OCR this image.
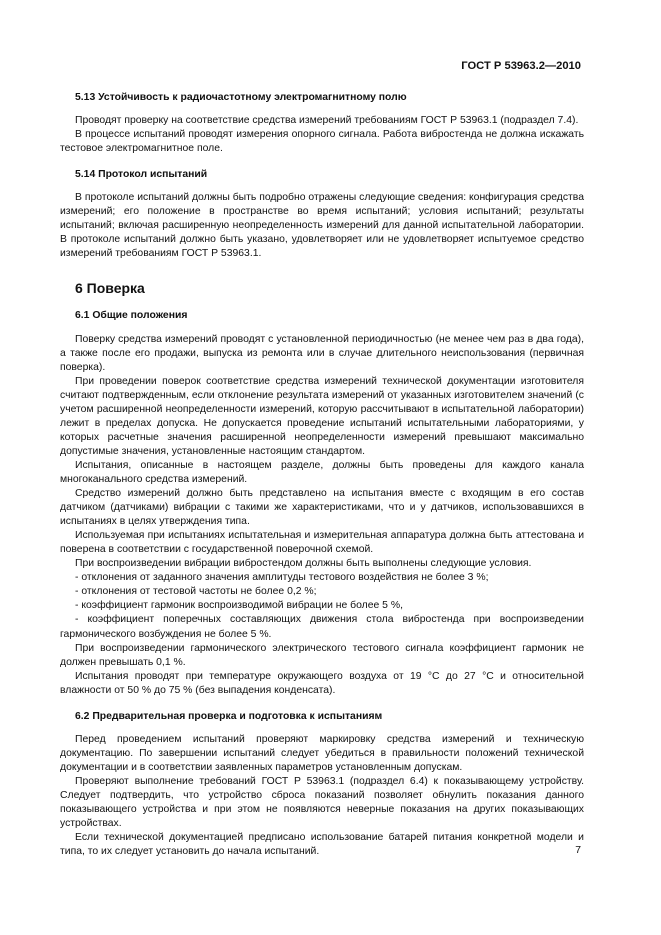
ГОСТ Р 53963.2—2010

5.13 Устойчивость к радиочастотному электромагнитному полю

Проводят проверку на соответствие средства измерений требованиям ГОСТ Р 53963.1 (подраздел 7.4).

В процессе испытаний проводят измерения опорного сигнала. Работа вибростенда не должна искажать тестовое электромагнитное поле.

5.14 Протокол испытаний

В протоколе испытаний должны быть подробно отражены следующие сведения: конфигурация средства измерений; его положение в пространстве во время испытаний; условия испытаний; результаты испытаний; включая расширенную неопределенность измерений для данной испытательной лаборатории. В протоколе испытаний должно быть указано, удовлетворяет или не удовлетворяет испытуемое средство измерений требованиям ГОСТ Р 53963.1.

6 Поверка

6.1 Общие положения

Поверку средства измерений проводят с установленной периодичностью (не менее чем раз в два года), а также после его продажи, выпуска из ремонта или в случае длительного неиспользования (первичная поверка).

При проведении поверок соответствие средства измерений технической документации изготовителя считают подтвержденным, если отклонение результата измерений от указанных изготовителем значений (с учетом расширенной неопределенности измерений, которую рассчитывают в испытательной лаборатории) лежит в пределах допуска. Не допускается проведение испытаний испытательными лабораториями, у которых расчетные значения расширенной неопределенности измерений превышают максимально допустимые значения, установленные настоящим стандартом.

Испытания, описанные в настоящем разделе, должны быть проведены для каждого канала многоканального средства измерений.

Средство измерений должно быть представлено на испытания вместе с входящим в его состав датчиком (датчиками) вибрации с такими же характеристиками, что и у датчиков, использовавшихся в испытаниях в целях утверждения типа.

Используемая при испытаниях испытательная и измерительная аппаратура должна быть аттестована и поверена в соответствии с государственной поверочной схемой.

При воспроизведении вибрации вибростендом должны быть выполнены следующие условия.

- отклонения от заданного значения амплитуды тестового воздействия не более 3 %;

- отклонения от тестовой частоты не более 0,2 %;

- коэффициент гармоник воспроизводимой вибрации не более 5 %,

- коэффициент поперечных составляющих движения стола вибростенда при воспроизведении гармонического возбуждения не более 5 %.

При воспроизведении гармонического электрического тестового сигнала коэффициент гармоник не должен превышать 0,1 %.

Испытания проводят при температуре окружающего воздуха от 19 °С до 27 °С и относительной влажности от 50 % до 75 % (без выпадения конденсата).

6.2 Предварительная проверка и подготовка к испытаниям

Перед проведением испытаний проверяют маркировку средства измерений и техническую документацию. По завершении испытаний следует убедиться в правильности положений технической документации и в соответствии заявленных параметров установленным допускам.

Проверяют выполнение требований ГОСТ Р 53963.1 (подраздел 6.4) к показывающему устройству. Следует подтвердить, что устройство сброса показаний позволяет обнулить показания данного показывающего устройства и при этом не появляются неверные показания на других показывающих устройствах.

Если технической документацией предписано использование батарей питания конкретной модели и типа, то их следует установить до начала испытаний.	7
